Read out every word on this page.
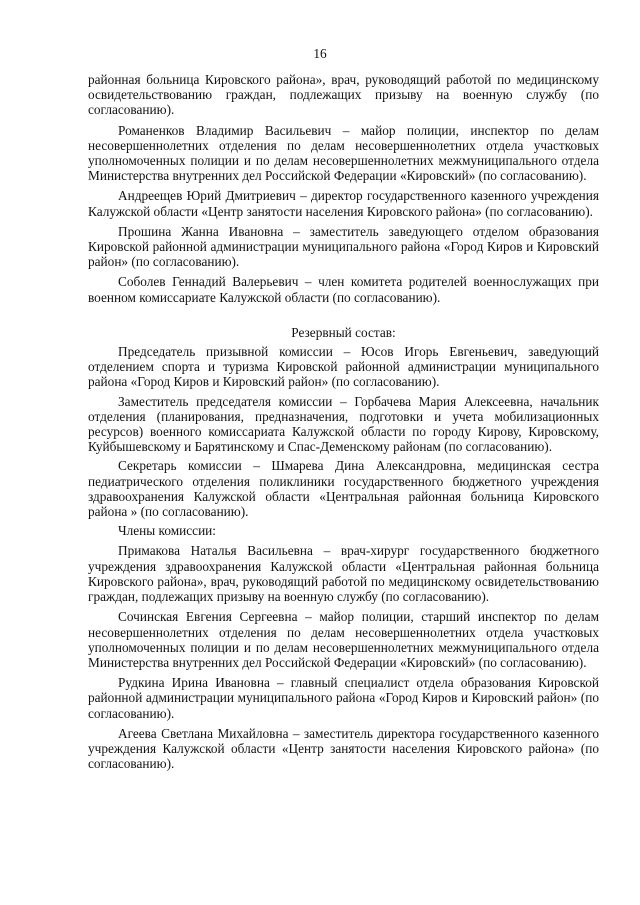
16

районная больница Кировского района», врач, руководящий работой по медицинскому освидетельствованию граждан, подлежащих призыву на военную службу (по согласованию).

Романенков Владимир Васильевич – майор полиции, инспектор по делам несовершеннолетних отделения по делам несовершеннолетних отдела участковых уполномоченных полиции и по делам несовершеннолетних межмуниципального отдела Министерства внутренних дел Российской Федерации «Кировский» (по согласованию).

Андреещев Юрий Дмитриевич – директор государственного казенного учреждения Калужской области «Центр занятости населения Кировского района» (по согласованию).

Прошина Жанна Ивановна – заместитель заведующего отделом образования Кировской районной администрации муниципального района «Город Киров и Кировский район» (по согласованию).

Соболев Геннадий Валерьевич – член комитета родителей военнослужащих при военном комиссариате Калужской области (по согласованию).

Резервный состав:

Председатель призывной комиссии – Юсов Игорь Евгеньевич, заведующий отделением спорта и туризма Кировской районной администрации муниципального района «Город Киров и Кировский район» (по согласованию).

Заместитель председателя комиссии – Горбачева Мария Алексеевна, начальник отделения (планирования, предназначения, подготовки и учета мобилизационных ресурсов) военного комиссариата Калужской области по городу Кирову, Кировскому, Куйбышевскому и Барятинскому и Спас-Деменскому районам (по согласованию).

Секретарь комиссии – Шмарева Дина Александровна, медицинская сестра педиатрического отделения поликлиники государственного бюджетного учреждения здравоохранения Калужской области «Центральная районная больница Кировского района » (по согласованию).

Члены комиссии:

Примакова Наталья Васильевна – врач-хирург государственного бюджетного учреждения здравоохранения Калужской области «Центральная районная больница Кировского района», врач, руководящий работой по медицинскому освидетельствованию граждан, подлежащих призыву на военную службу (по согласованию).

Сочинская Евгения Сергеевна – майор полиции, старший инспектор по делам несовершеннолетних отделения по делам несовершеннолетних отдела участковых уполномоченных полиции и по делам несовершеннолетних межмуниципального отдела Министерства внутренних дел Российской Федерации «Кировский» (по согласованию).

Рудкина Ирина Ивановна – главный специалист отдела образования Кировской районной администрации муниципального района «Город Киров и Кировский район» (по согласованию).

Агеева Светлана Михайловна – заместитель директора государственного казенного учреждения Калужской области «Центр занятости населения Кировского района» (по согласованию).
